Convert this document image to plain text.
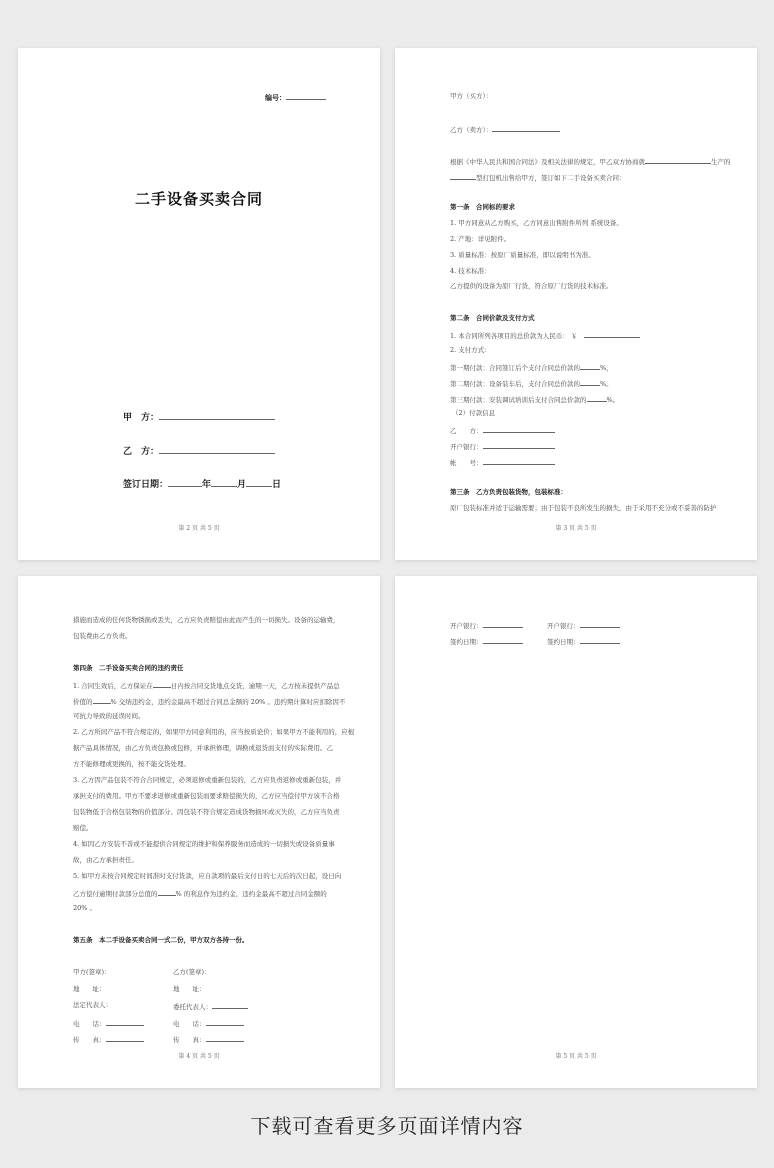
编号：
二手设备买卖合同
甲　方：
乙　方：
签订日期：	年	月	日
第 2 页 共 5 页
甲方（买方）：
乙方（卖方）：
根据《中华人民共和国合同法》及相关法律的规定，甲乙双方协商就	生产的
型打包机出售给甲方，签订如下二手设备买卖合同：
第一条　合同标的要求
1. 甲方同意从乙方购买，乙方同意出售附件所列 系统设备。
2. 产地：详见附件。
3. 质量标准：按原厂质量标准，即以说明书为准。
4. 技术标准：
乙方提供的设备为原厂行货，符合原厂行货的技术标准。
第二条　合同价款及支付方式
1. 本合同所列各项目的总价款为人民币： ￥　
2. 支付方式：
第一期付款：合同签订后个支付合同总价款的	%，
第二期付款：设备装车后，支付合同总价款的	%。
第三期付款：安装调试培训后支付合同总价款的	%。
（2）付款信息
乙　　方：
开户银行：
帐　　号：
第三条　乙方负责包装货物，包装标准：
原厂包装标准并适于运输需要；由于包装不良所发生的损失，由于采用不充分或不妥善的防护
第 3 页 共 5 页
措施而造成的任何货物锈损或丢失，乙方应负责赔偿由此而产生的一切损失。设备的运输费，
包装费由乙方负责。
第四条　二手设备买卖合同的违约责任
1. 合同生效后，乙方保证在	日内按合同交货地点交货，逾期一天，乙方按未提供产品总
价值的	% 交纳违约金，违约金最高不超过合同总金额的 20% 。违约期计算时应扣除因不
可抗力导致的延误时间。
2. 乙方所间产品不符合规定的，如果甲方同意利用的，应当按质论价；如果甲方不能利用的，应根
据产品具体情况，由乙方负责包换或包修，并承担修理，调换或退货而支付的实际费用。乙
方不能修理或更换的，按不能交货处理。
3. 乙方因产品包装不符合合同规定，必须返修或重新包装的，乙方应负责返修或重新包装，并
承担支付的费用。甲方不要求返修或重新包装而要求赔偿损失的，乙方应当偿付甲方该不合格
包装物低于合格包装物的价值部分。因包装不符合规定造成货物损坏或灭失的，乙方应当负责
赔偿。
4. 如因乙方安装不善或不能提供合同规定的维护和保养服务而造成的一切损失或设备质量事
故，由乙方承担责任。
5. 如甲方未按合同规定时间准时支付货款，应自款项的最后支付日的七天后的次日起，设日向
乙方偿付逾期付款部分总值的	% 的利息作为违约金，违约金最高不超过合同金额的
20% 。
第五条　本二手设备买卖合同一式二份，甲方双方各持一份。
甲方(签章)：	乙方(签章)：
地　　址：	地　　址：
法定代表人：	委托代表人：
电　　话：	电　　话：
传　　真：	传　　真：
第 4 页 共 5 页
开户银行：	开户银行：
签约日期：	签约日期：
第 5 页 共 5 页
下载可查看更多页面详情内容
